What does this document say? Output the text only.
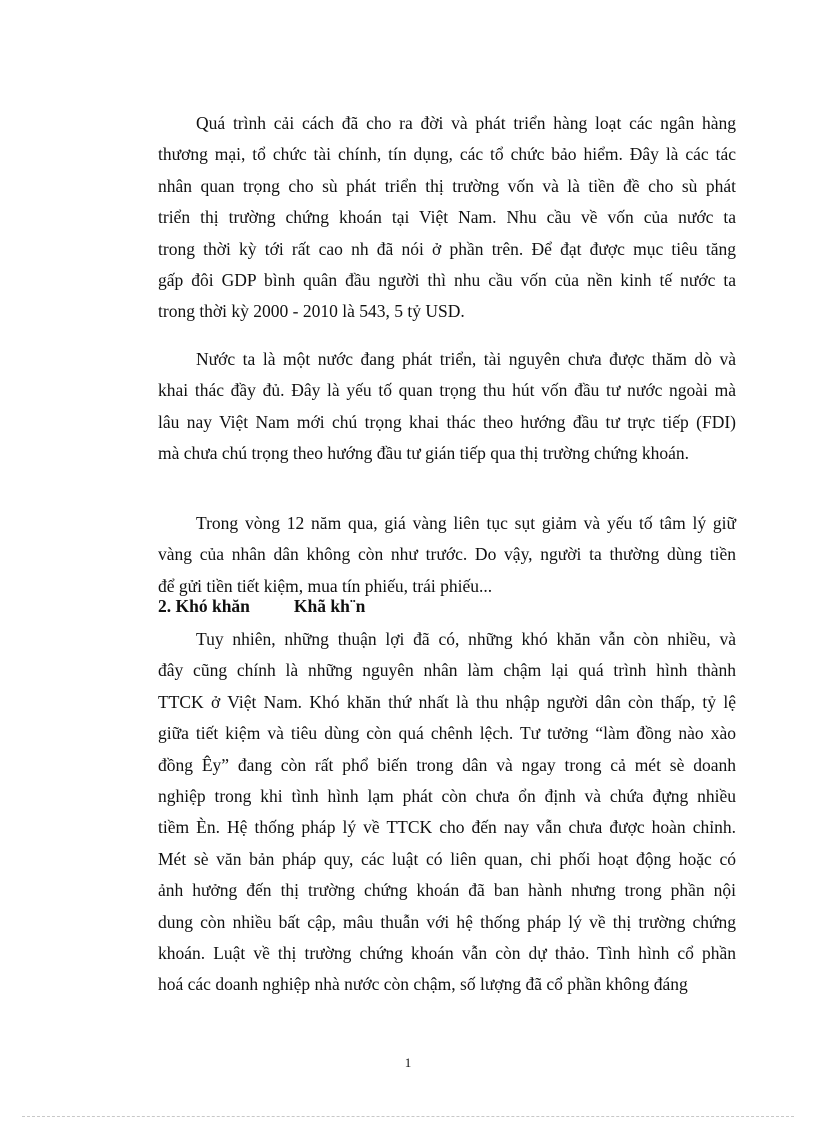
Quá trình cải cách đã cho ra đời và phát triển hàng loạt các ngân hàng
thương mại, tổ chức tài chính, tín dụng, các tổ chức bảo hiểm. Đây là các tác
nhân quan trọng cho sù phát triển thị trường vốn và là tiền đề cho sù phát
triển thị trường chứng khoán tại Việt Nam. Nhu cầu về vốn của nước ta
trong thời kỳ tới rất cao nh đã nói ở phần trên. Để đạt được mục tiêu tăng
gấp đôi GDP bình quân đầu người thì nhu cầu vốn của nền kinh tế nước ta
trong thời kỳ 2000 - 2010 là 543, 5 tỷ USD.

Nước ta là một nước đang phát triển, tài nguyên chưa được thăm dò và
khai thác đầy đủ. Đây là yếu tố quan trọng thu hút vốn đầu tư nước ngoài mà
lâu nay Việt Nam mới chú trọng khai thác theo hướng đầu tư trực tiếp (FDI)
mà chưa chú trọng theo hướng đầu tư gián tiếp qua thị trường chứng khoán.

Trong vòng 12 năm qua, giá vàng liên tục sụt giảm và yếu tố tâm lý giữ
vàng của nhân dân không còn như trước. Do vậy, người ta thường dùng tiền
để gửi tiền tiết kiệm, mua tín phiếu, trái phiếu...

2. Khó khăn	Khã kh¨n

Tuy nhiên, những thuận lợi đã có, những khó khăn vẫn còn nhiều, và
đây cũng chính là những nguyên nhân làm chậm lại quá trình hình thành
TTCK ở Việt Nam. Khó khăn thứ nhất là thu nhập người dân còn thấp, tỷ lệ
giữa tiết kiệm và tiêu dùng còn quá chênh lệch. Tư tưởng “làm đồng nào xào
đồng Êy” đang còn rất phổ biến trong dân và ngay trong cả mét sè doanh
nghiệp trong khi tình hình lạm phát còn chưa ổn định và chứa đựng nhiều
tiềm Èn. Hệ thống pháp lý về TTCK cho đến nay vẫn chưa được hoàn chỉnh.
Mét sè văn bản pháp quy, các luật có liên quan, chi phối hoạt động hoặc có
ảnh hưởng đến thị trường chứng khoán đã ban hành nhưng trong phần nội
dung còn nhiều bất cập, mâu thuẫn với hệ thống pháp lý về thị trường chứng
khoán. Luật về thị trường chứng khoán vẫn còn dự thảo. Tình hình cổ phần
hoá các doanh nghiệp nhà nước còn chậm, số lượng đã cổ phần không đáng

1
